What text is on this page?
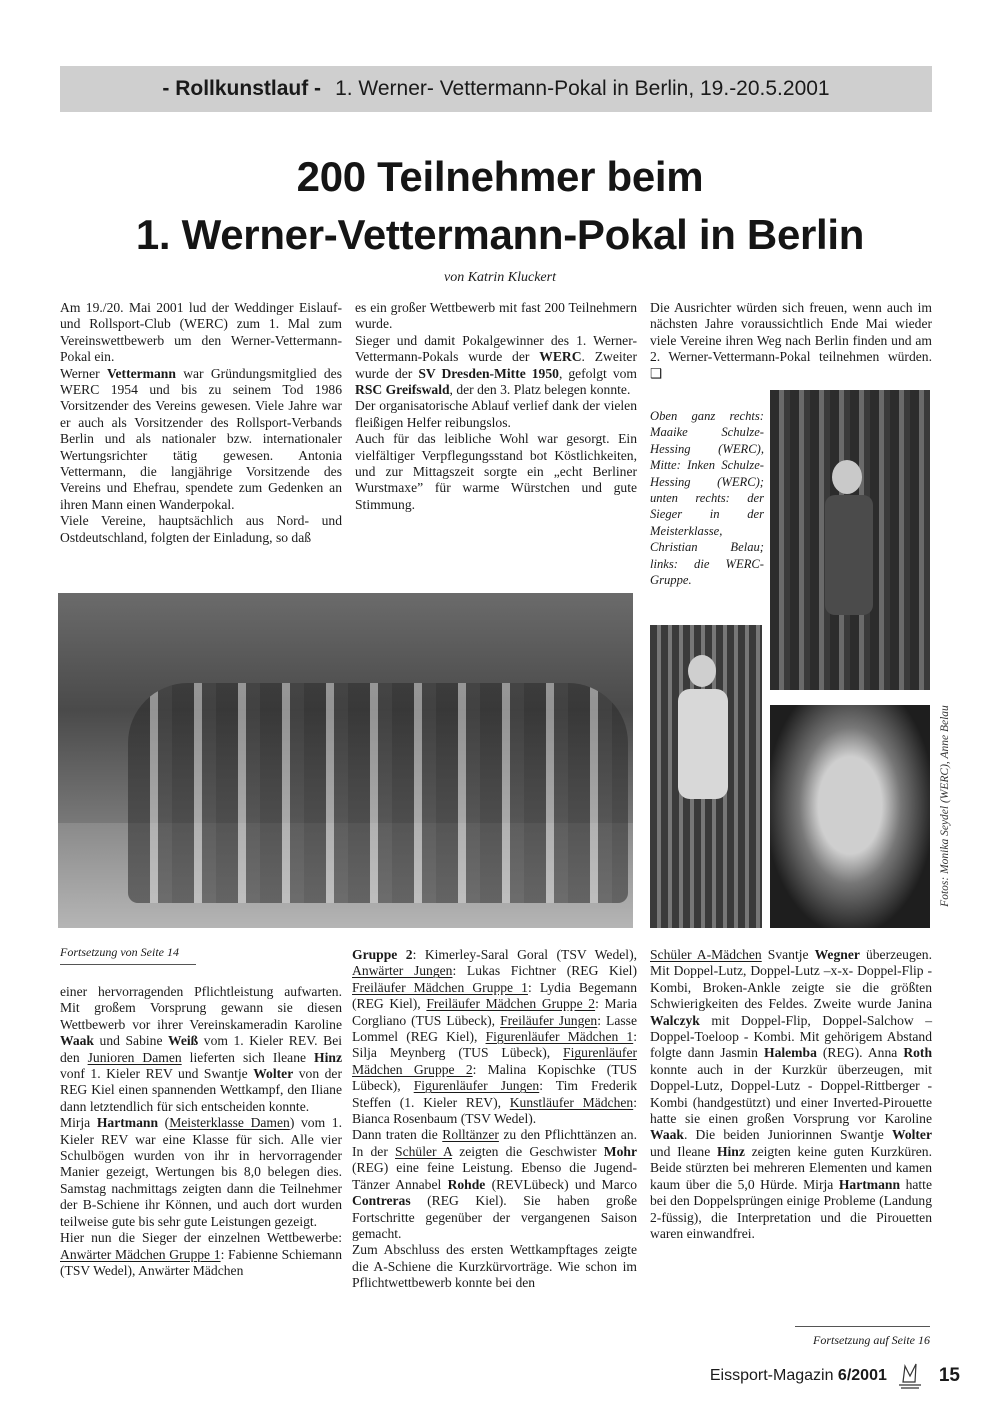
- Rollkunstlauf - 1. Werner- Vettermann-Pokal in Berlin, 19.-20.5.2001
200 Teilnehmer beim
1. Werner-Vettermann-Pokal in Berlin
von Katrin Kluckert

Am 19./20. Mai 2001 lud der Weddinger Eislauf- und Rollsport-Club (WERC) zum 1. Mal zum Vereinswettbewerb um den Werner-Vettermann-Pokal ein.

Werner Vettermann war Gründungsmitglied des WERC 1954 und bis zu seinem Tod 1986 Vorsitzender des Vereins gewesen. Viele Jahre war er auch als Vorsitzender des Rollsport-Verbands Berlin und als nationaler bzw. internationaler Wertungsrichter tätig gewesen. Antonia Vettermann, die langjährige Vorsitzende des Vereins und Ehefrau, spendete zum Gedenken an ihren Mann einen Wanderpokal.

Viele Vereine, hauptsächlich aus Nord- und Ostdeutschland, folgten der Einladung, so daß

es ein großer Wettbewerb mit fast 200 Teilnehmern wurde.

Sieger und damit Pokalgewinner des 1. Werner-Vettermann-Pokals wurde der WERC. Zweiter wurde der SV Dresden-Mitte 1950, gefolgt vom RSC Greifswald, der den 3. Platz belegen konnte.

Der organisatorische Ablauf verlief dank der vielen fleißigen Helfer reibungslos.

Auch für das leibliche Wohl war gesorgt. Ein vielfältiger Verpflegungsstand bot Köstlichkeiten, und zur Mittagszeit sorgte ein „echt Berliner Wurstmaxe” für warme Würstchen und gute Stimmung.

Die Ausrichter würden sich freuen, wenn auch im nächsten Jahre voraussichtlich Ende Mai wieder viele Vereine ihren Weg nach Berlin finden und am 2. Werner-Vettermann-Pokal teilnehmen würden. ❑

Oben ganz rechts: Maaike Schulze-Hessing (WERC), Mitte: Inken Schulze-Hessing (WERC); unten rechts: der Sieger in der Meisterklasse, Christian Belau; links: die WERC-Gruppe.

Fotos: Monika Seydel (WERC), Anne Belau
Fortsetzung von Seite 14

einer hervorragenden Pflichtleistung aufwarten. Mit großem Vorsprung gewann sie diesen Wettbewerb vor ihrer Vereinskameradin Karoline Waak und Sabine Weiß vom 1. Kieler REV. Bei den Junioren Damen lieferten sich Ileane Hinz vonf 1. Kieler REV und Swantje Wolter von der REG Kiel einen spannenden Wettkampf, den Iliane dann letztendlich für sich entscheiden konnte.

Mirja Hartmann (Meisterklasse Damen) vom 1. Kieler REV war eine Klasse für sich. Alle vier Schulbögen wurden von ihr in hervorragender Manier gezeigt, Wertungen bis 8,0 belegen dies. Samstag nachmittags zeigten dann die Teilnehmer der B-Schiene ihr Können, und auch dort wurden teilweise gute bis sehr gute Leistungen gezeigt.

Hier nun die Sieger der einzelnen Wettbewerbe: Anwärter Mädchen Gruppe 1: Fabienne Schiemann (TSV Wedel), Anwärter Mädchen

Gruppe 2: Kimerley-Saral Goral (TSV Wedel), Anwärter Jungen: Lukas Fichtner (REG Kiel) Freiläufer Mädchen Gruppe 1: Lydia Begemann (REG Kiel), Freiläufer Mädchen Gruppe 2: Maria Corgliano (TUS Lübeck), Freiläufer Jungen: Lasse Lommel (REG Kiel), Figurenläufer Mädchen 1: Silja Meynberg (TUS Lübeck), Figurenläufer Mädchen Gruppe 2: Malina Kopischke (TUS Lübeck), Figurenläufer Jungen: Tim Frederik Steffen (1. Kieler REV), Kunstläufer Mädchen: Bianca Rosenbaum (TSV Wedel).

Dann traten die Rolltänzer zu den Pflichttänzen an. In der Schüler A zeigten die Geschwister Mohr (REG) eine feine Leistung. Ebenso die Jugend-Tänzer Annabel Rohde (REVLübeck) und Marco Contreras (REG Kiel). Sie haben große Fortschritte gegenüber der vergangenen Saison gemacht.

Zum Abschluss des ersten Wettkampftages zeigte die A-Schiene die Kurzkürvorträge. Wie schon im Pflichtwettbewerb konnte bei den

Schüler A-Mädchen Svantje Wegner überzeugen. Mit Doppel-Lutz, Doppel-Lutz –x-x- Doppel-Flip - Kombi, Broken-Ankle zeigte sie die größten Schwierigkeiten des Feldes. Zweite wurde Janina Walczyk mit Doppel-Flip, Doppel-Salchow – Doppel-Toeloop - Kombi. Mit gehörigem Abstand folgte dann Jasmin Halemba (REG). Anna Roth konnte auch in der Kurzkür überzeugen, mit Doppel-Lutz, Doppel-Lutz - Doppel-Rittberger - Kombi (handgestützt) und einer Inverted-Pirouette hatte sie einen großen Vorsprung vor Karoline Waak. Die beiden Juniorinnen Swantje Wolter und Ileane Hinz zeigten keine guten Kurzküren. Beide stürzten bei mehreren Elementen und kamen kaum über die 5,0 Hürde. Mirja Hartmann hatte bei den Doppelsprüngen einige Probleme (Landung 2-füssig), die Interpretation und die Pirouetten waren einwandfrei.

Fortsetzung auf Seite 16
Eissport-Magazin 6/2001	15
